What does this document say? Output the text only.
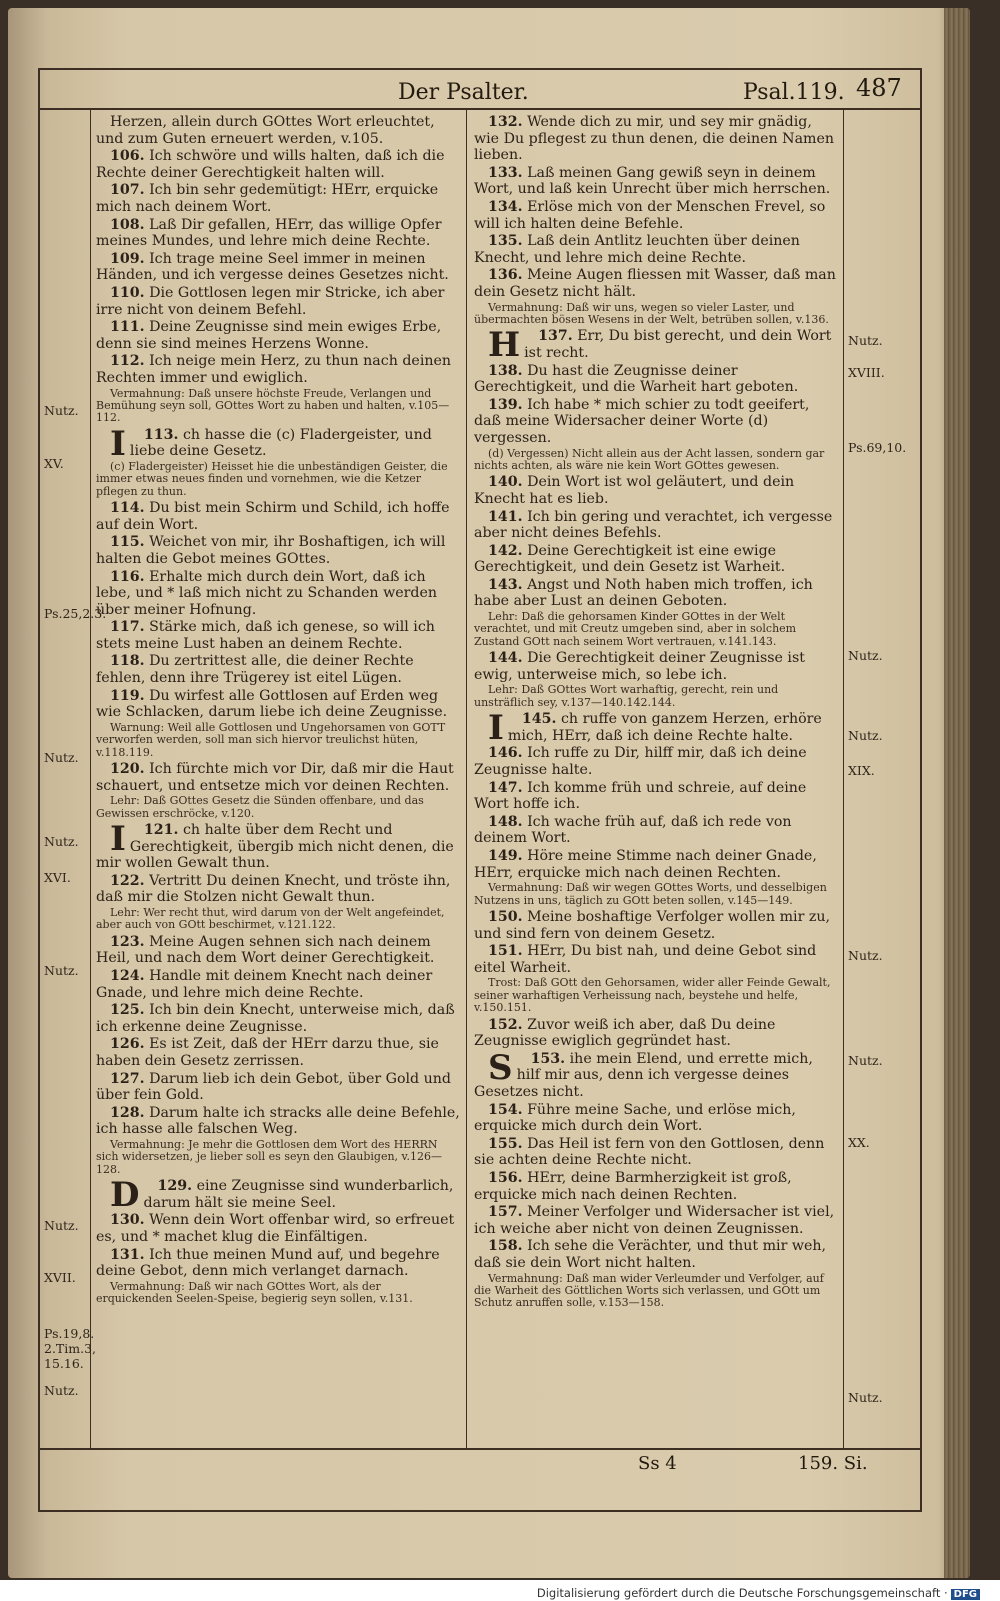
Der Psalter.	Psal.119. 487

Herzen, allein durch GOttes Wort erleuchtet, und zum Guten erneuert werden, v.105.

106. Ich schwöre und wills halten, daß ich die Rechte deiner Gerechtigkeit halten will.

107. Ich bin sehr gedemütigt: HErr, erquicke mich nach deinem Wort.

108. Laß Dir gefallen, HErr, das willige Opfer meines Mundes, und lehre mich deine Rechte.

109. Ich trage meine Seel immer in meinen Händen, und ich vergesse deines Gesetzes nicht.

110. Die Gottlosen legen mir Stricke, ich aber irre nicht von deinem Befehl.

111. Deine Zeugnisse sind mein ewiges Erbe, denn sie sind meines Herzens Wonne.

112. Ich neige mein Herz, zu thun nach deinen Rechten immer und ewiglich.

Vermahnung: Daß unsere höchste Freude, Verlangen und Bemühung seyn soll, GOttes Wort zu haben und halten, v.105—112.

113.
I	ch hasse die (c) Fladergeister, und liebe deine Gesetz.

(c) Fladergeister) Heisset hie die unbeständigen Geister, die immer etwas neues finden und vornehmen, wie die Ketzer pflegen zu thun.

114. Du bist mein Schirm und Schild, ich hoffe auf dein Wort.

115. Weichet von mir, ihr Boshaftigen, ich will halten die Gebot meines GOttes.

116. Erhalte mich durch dein Wort, daß ich lebe, und * laß mich nicht zu Schanden werden über meiner Hofnung.

117. Stärke mich, daß ich genese, so will ich stets meine Lust haben an deinem Rechte.

118. Du zertrittest alle, die deiner Rechte fehlen, denn ihre Trügerey ist eitel Lügen.

119. Du wirfest alle Gottlosen auf Erden weg wie Schlacken, darum liebe ich deine Zeugnisse.

Warnung: Weil alle Gottlosen und Ungehorsamen von GOTT verworfen werden, soll man sich hiervor treulichst hüten, v.118.119.

120. Ich fürchte mich vor Dir, daß mir die Haut schauert, und entsetze mich vor deinen Rechten.

Lehr: Daß GOttes Gesetz die Sünden offenbare, und das Gewissen erschröcke, v.120.

121.
I	ch halte über dem Recht und Gerechtigkeit, übergib mich nicht denen, die mir wollen Gewalt thun.

122. Vertritt Du deinen Knecht, und tröste ihn, daß mir die Stolzen nicht Gewalt thun.

Lehr: Wer recht thut, wird darum von der Welt angefeindet, aber auch von GOtt beschirmet, v.121.122.

123. Meine Augen sehnen sich nach deinem Heil, und nach dem Wort deiner Gerechtigkeit.

124. Handle mit deinem Knecht nach deiner Gnade, und lehre mich deine Rechte.

125. Ich bin dein Knecht, unterweise mich, daß ich erkenne deine Zeugnisse.

126. Es ist Zeit, daß der HErr darzu thue, sie haben dein Gesetz zerrissen.

127. Darum lieb ich dein Gebot, über Gold und über fein Gold.

128. Darum halte ich stracks alle deine Befehle, ich hasse alle falschen Weg.

Vermahnung: Je mehr die Gottlosen dem Wort des HERRN sich widersetzen, je lieber soll es seyn den Glaubigen, v.126—128.

129.
D	eine Zeugnisse sind wunderbarlich, darum hält sie meine Seel.

130. Wenn dein Wort offenbar wird, so erfreuet es, und * machet klug die Einfältigen.

131. Ich thue meinen Mund auf, und begehre deine Gebot, denn mich verlanget darnach.

Vermahnung: Daß wir nach GOttes Wort, als der erquickenden Seelen-Speise, begierig seyn sollen, v.131.

132. Wende dich zu mir, und sey mir gnädig, wie Du pflegest zu thun denen, die deinen Namen lieben.

133. Laß meinen Gang gewiß seyn in deinem Wort, und laß kein Unrecht über mich herrschen.

134. Erlöse mich von der Menschen Frevel, so will ich halten deine Befehle.

135. Laß dein Antlitz leuchten über deinen Knecht, und lehre mich deine Rechte.

136. Meine Augen fliessen mit Wasser, daß man dein Gesetz nicht hält.

Vermahnung: Daß wir uns, wegen so vieler Laster, und übermachten bösen Wesens in der Welt, betrüben sollen, v.136.

137.
H	Err, Du bist gerecht, und dein Wort ist recht.

138. Du hast die Zeugnisse deiner Gerechtigkeit, und die Warheit hart geboten.

139. Ich habe * mich schier zu todt geeifert, daß meine Widersacher deiner Worte (d) vergessen.

(d) Vergessen) Nicht allein aus der Acht lassen, sondern gar nichts achten, als wäre nie kein Wort GOttes gewesen.

140. Dein Wort ist wol geläutert, und dein Knecht hat es lieb.

141. Ich bin gering und verachtet, ich vergesse aber nicht deines Befehls.

142. Deine Gerechtigkeit ist eine ewige Gerechtigkeit, und dein Gesetz ist Warheit.

143. Angst und Noth haben mich troffen, ich habe aber Lust an deinen Geboten.

Lehr: Daß die gehorsamen Kinder GOttes in der Welt verachtet, und mit Creutz umgeben sind, aber in solchem Zustand GOtt nach seinem Wort vertrauen, v.141.143.

144. Die Gerechtigkeit deiner Zeugnisse ist ewig, unterweise mich, so lebe ich.

Lehr: Daß GOttes Wort warhaftig, gerecht, rein und unsträflich sey, v.137—140.142.144.

145.
I	ch ruffe von ganzem Herzen, erhöre mich, HErr, daß ich deine Rechte halte.

146. Ich ruffe zu Dir, hilff mir, daß ich deine Zeugnisse halte.

147. Ich komme früh und schreie, auf deine Wort hoffe ich.

148. Ich wache früh auf, daß ich rede von deinem Wort.

149. Höre meine Stimme nach deiner Gnade, HErr, erquicke mich nach deinen Rechten.

Vermahnung: Daß wir wegen GOttes Worts, und desselbigen Nutzens in uns, täglich zu GOtt beten sollen, v.145—149.

150. Meine boshaftige Verfolger wollen mir zu, und sind fern von deinem Gesetz.

151. HErr, Du bist nah, und deine Gebot sind eitel Warheit.

Trost: Daß GOtt den Gehorsamen, wider aller Feinde Gewalt, seiner warhaftigen Verheissung nach, beystehe und helfe, v.150.151.

152. Zuvor weiß ich aber, daß Du deine Zeugnisse ewiglich gegründet hast.

153.
S	ihe mein Elend, und errette mich, hilf mir aus, denn ich vergesse deines Gesetzes nicht.

154. Führe meine Sache, und erlöse mich, erquicke mich durch dein Wort.

155. Das Heil ist fern von den Gottlosen, denn sie achten deine Rechte nicht.

156. HErr, deine Barmherzigkeit ist groß, erquicke mich nach deinen Rechten.

157. Meiner Verfolger und Widersacher ist viel, ich weiche aber nicht von deinen Zeugnissen.

158. Ich sehe die Verächter, und thut mir weh, daß sie dein Wort nicht halten.

Vermahnung: Daß man wider Verleumder und Verfolger, auf die Warheit des Göttlichen Worts sich verlassen, und GOtt um Schutz anruffen solle, v.153—158.

Nutz.
XV.
Ps.25,2.3.
Nutz.
Nutz.
XVI.
Nutz.
Nutz.
XVII.
Ps.19,8. 2.Tim.3, 15.16.
Nutz.
Nutz.
XVIII.
Ps.69,10.
Nutz.
Nutz.
XIX.
Nutz.
Nutz.
XX.
Nutz.
Ss 4	159. Si.
Digitalisierung gefördert durch die Deutsche Forschungsgemeinschaft · DFG
